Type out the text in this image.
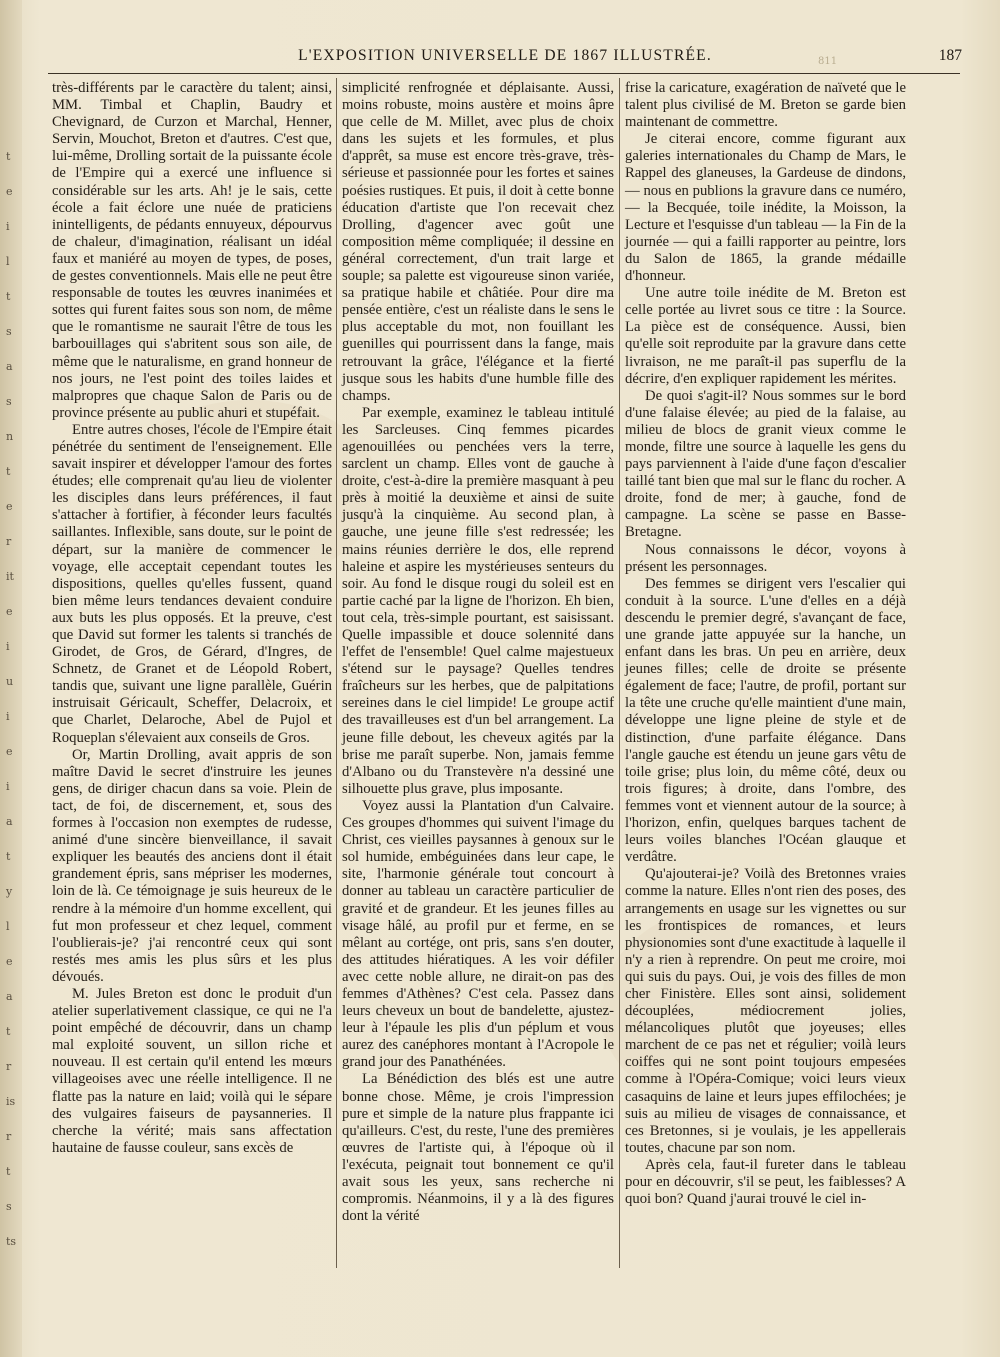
t
e
i
l
t
s
a
s
n
t
e
r
it
e
i
u
i
e
i
a
t
y
l
e
a
t
r
is
r
t
s
ts
L'EXPOSITION UNIVERSELLE DE 1867 ILLUSTRÉE.	187
811

très-différents par le caractère du talent; ainsi, MM. Timbal et Chaplin, Baudry et Chevignard, de Curzon et Marchal, Henner, Servin, Mouchot, Breton et d'autres. C'est que, lui-même, Drolling sortait de la puissante école de l'Empire qui a exercé une influence si considérable sur les arts. Ah! je le sais, cette école a fait éclore une nuée de praticiens inintelligents, de pédants ennuyeux, dépourvus de chaleur, d'imagination, réalisant un idéal faux et maniéré au moyen de types, de poses, de gestes conventionnels. Mais elle ne peut être responsable de toutes les œuvres inanimées et sottes qui furent faites sous son nom, de même que le romantisme ne saurait l'être de tous les barbouillages qui s'abritent sous son aile, de même que le naturalisme, en grand honneur de nos jours, ne l'est point des toiles laides et malpropres que chaque Salon de Paris ou de province présente au public ahuri et stupéfait.

Entre autres choses, l'école de l'Empire était pénétrée du sentiment de l'enseignement. Elle savait inspirer et développer l'amour des fortes études; elle comprenait qu'au lieu de violenter les disciples dans leurs préférences, il faut s'attacher à fortifier, à féconder leurs facultés saillantes. Inflexible, sans doute, sur le point de départ, sur la manière de commencer le voyage, elle acceptait cependant toutes les dispositions, quelles qu'elles fussent, quand bien même leurs tendances devaient conduire aux buts les plus opposés. Et la preuve, c'est que David sut former les talents si tranchés de Girodet, de Gros, de Gérard, d'Ingres, de Schnetz, de Granet et de Léopold Robert, tandis que, suivant une ligne parallèle, Guérin instruisait Géricault, Scheffer, Delacroix, et que Charlet, Delaroche, Abel de Pujol et Roqueplan s'élevaient aux conseils de Gros.

Or, Martin Drolling, avait appris de son maître David le secret d'instruire les jeunes gens, de diriger chacun dans sa voie. Plein de tact, de foi, de discernement, et, sous des formes à l'occasion non exemptes de rudesse, animé d'une sincère bienveillance, il savait expliquer les beautés des anciens dont il était grandement épris, sans mépriser les modernes, loin de là. Ce témoignage je suis heureux de le rendre à la mémoire d'un homme excellent, qui fut mon professeur et chez lequel, comment l'oublierais-je? j'ai rencontré ceux qui sont restés mes amis les plus sûrs et les plus dévoués.

M. Jules Breton est donc le produit d'un atelier superlativement classique, ce qui ne l'a point empêché de découvrir, dans un champ mal exploité souvent, un sillon riche et nouveau. Il est certain qu'il entend les mœurs villageoises avec une réelle intelligence. Il ne flatte pas la nature en laid; voilà qui le sépare des vulgaires faiseurs de paysanneries. Il cherche la vérité; mais sans affectation hautaine de fausse couleur, sans excès de

simplicité renfrognée et déplaisante. Aussi, moins robuste, moins austère et moins âpre que celle de M. Millet, avec plus de choix dans les sujets et les formules, et plus d'apprêt, sa muse est encore très-grave, très-sérieuse et passionnée pour les fortes et saines poésies rustiques. Et puis, il doit à cette bonne éducation d'artiste que l'on recevait chez Drolling, d'agencer avec goût une composition même compliquée; il dessine en général correctement, d'un trait large et souple; sa palette est vigoureuse sinon variée, sa pratique habile et châtiée. Pour dire ma pensée entière, c'est un réaliste dans le sens le plus acceptable du mot, non fouillant les guenilles qui pourrissent dans la fange, mais retrouvant la grâce, l'élégance et la fierté jusque sous les habits d'une humble fille des champs.

Par exemple, examinez le tableau intitulé les Sarcleuses. Cinq femmes picardes agenouillées ou penchées vers la terre, sarclent un champ. Elles vont de gauche à droite, c'est-à-dire la première masquant à peu près à moitié la deuxième et ainsi de suite jusqu'à la cinquième. Au second plan, à gauche, une jeune fille s'est redressée; les mains réunies derrière le dos, elle reprend haleine et aspire les mystérieuses senteurs du soir. Au fond le disque rougi du soleil est en partie caché par la ligne de l'horizon. Eh bien, tout cela, très-simple pourtant, est saisissant. Quelle impassible et douce solennité dans l'effet de l'ensemble! Quel calme majestueux s'étend sur le paysage? Quelles tendres fraîcheurs sur les herbes, que de palpitations sereines dans le ciel limpide! Le groupe actif des travailleuses est d'un bel arrangement. La jeune fille debout, les cheveux agités par la brise me paraît superbe. Non, jamais femme d'Albano ou du Transtevère n'a dessiné une silhouette plus grave, plus imposante.

Voyez aussi la Plantation d'un Calvaire. Ces groupes d'hommes qui suivent l'image du Christ, ces vieilles paysannes à genoux sur le sol humide, embéguinées dans leur cape, le site, l'harmonie générale tout concourt à donner au tableau un caractère particulier de gravité et de grandeur. Et les jeunes filles au visage hâlé, au profil pur et ferme, en se mêlant au cortége, ont pris, sans s'en douter, des attitudes hiératiques. A les voir défiler avec cette noble allure, ne dirait-on pas des femmes d'Athènes? C'est cela. Passez dans leurs cheveux un bout de bandelette, ajustez-leur à l'épaule les plis d'un péplum et vous aurez des canéphores montant à l'Acropole le grand jour des Panathénées.

La Bénédiction des blés est une autre bonne chose. Même, je crois l'impression pure et simple de la nature plus frappante ici qu'ailleurs. C'est, du reste, l'une des premières œuvres de l'artiste qui, à l'époque où il l'exécuta, peignait tout bonnement ce qu'il avait sous les yeux, sans recherche ni compromis. Néanmoins, il y a là des figures dont la vérité

frise la caricature, exagération de naïveté que le talent plus civilisé de M. Breton se garde bien maintenant de commettre.

Je citerai encore, comme figurant aux galeries internationales du Champ de Mars, le Rappel des glaneuses, la Gardeuse de dindons, — nous en publions la gravure dans ce numéro, — la Becquée, toile inédite, la Moisson, la Lecture et l'esquisse d'un tableau — la Fin de la journée — qui a failli rapporter au peintre, lors du Salon de 1865, la grande médaille d'honneur.

Une autre toile inédite de M. Breton est celle portée au livret sous ce titre : la Source. La pièce est de conséquence. Aussi, bien qu'elle soit reproduite par la gravure dans cette livraison, ne me paraît-il pas superflu de la décrire, d'en expliquer rapidement les mérites.

De quoi s'agit-il? Nous sommes sur le bord d'une falaise élevée; au pied de la falaise, au milieu de blocs de granit vieux comme le monde, filtre une source à laquelle les gens du pays parviennent à l'aide d'une façon d'escalier taillé tant bien que mal sur le flanc du rocher. A droite, fond de mer; à gauche, fond de campagne. La scène se passe en Basse-Bretagne.

Nous connaissons le décor, voyons à présent les personnages.

Des femmes se dirigent vers l'escalier qui conduit à la source. L'une d'elles en a déjà descendu le premier degré, s'avançant de face, une grande jatte appuyée sur la hanche, un enfant dans les bras. Un peu en arrière, deux jeunes filles; celle de droite se présente également de face; l'autre, de profil, portant sur la tête une cruche qu'elle maintient d'une main, développe une ligne pleine de style et de distinction, d'une parfaite élégance. Dans l'angle gauche est étendu un jeune gars vêtu de toile grise; plus loin, du même côté, deux ou trois figures; à droite, dans l'ombre, des femmes vont et viennent autour de la source; à l'horizon, enfin, quelques barques tachent de leurs voiles blanches l'Océan glauque et verdâtre.

Qu'ajouterai-je? Voilà des Bretonnes vraies comme la nature. Elles n'ont rien des poses, des arrangements en usage sur les vignettes ou sur les frontispices de romances, et leurs physionomies sont d'une exactitude à laquelle il n'y a rien à reprendre. On peut me croire, moi qui suis du pays. Oui, je vois des filles de mon cher Finistère. Elles sont ainsi, solidement découplées, médiocrement jolies, mélancoliques plutôt que joyeuses; elles marchent de ce pas net et régulier; voilà leurs coiffes qui ne sont point toujours empesées comme à l'Opéra-Comique; voici leurs vieux casaquins de laine et leurs jupes effilochées; je suis au milieu de visages de connaissance, et ces Bretonnes, si je voulais, je les appellerais toutes, chacune par son nom.

Après cela, faut-il fureter dans le tableau pour en découvrir, s'il se peut, les faiblesses? A quoi bon? Quand j'aurai trouvé le ciel in-
